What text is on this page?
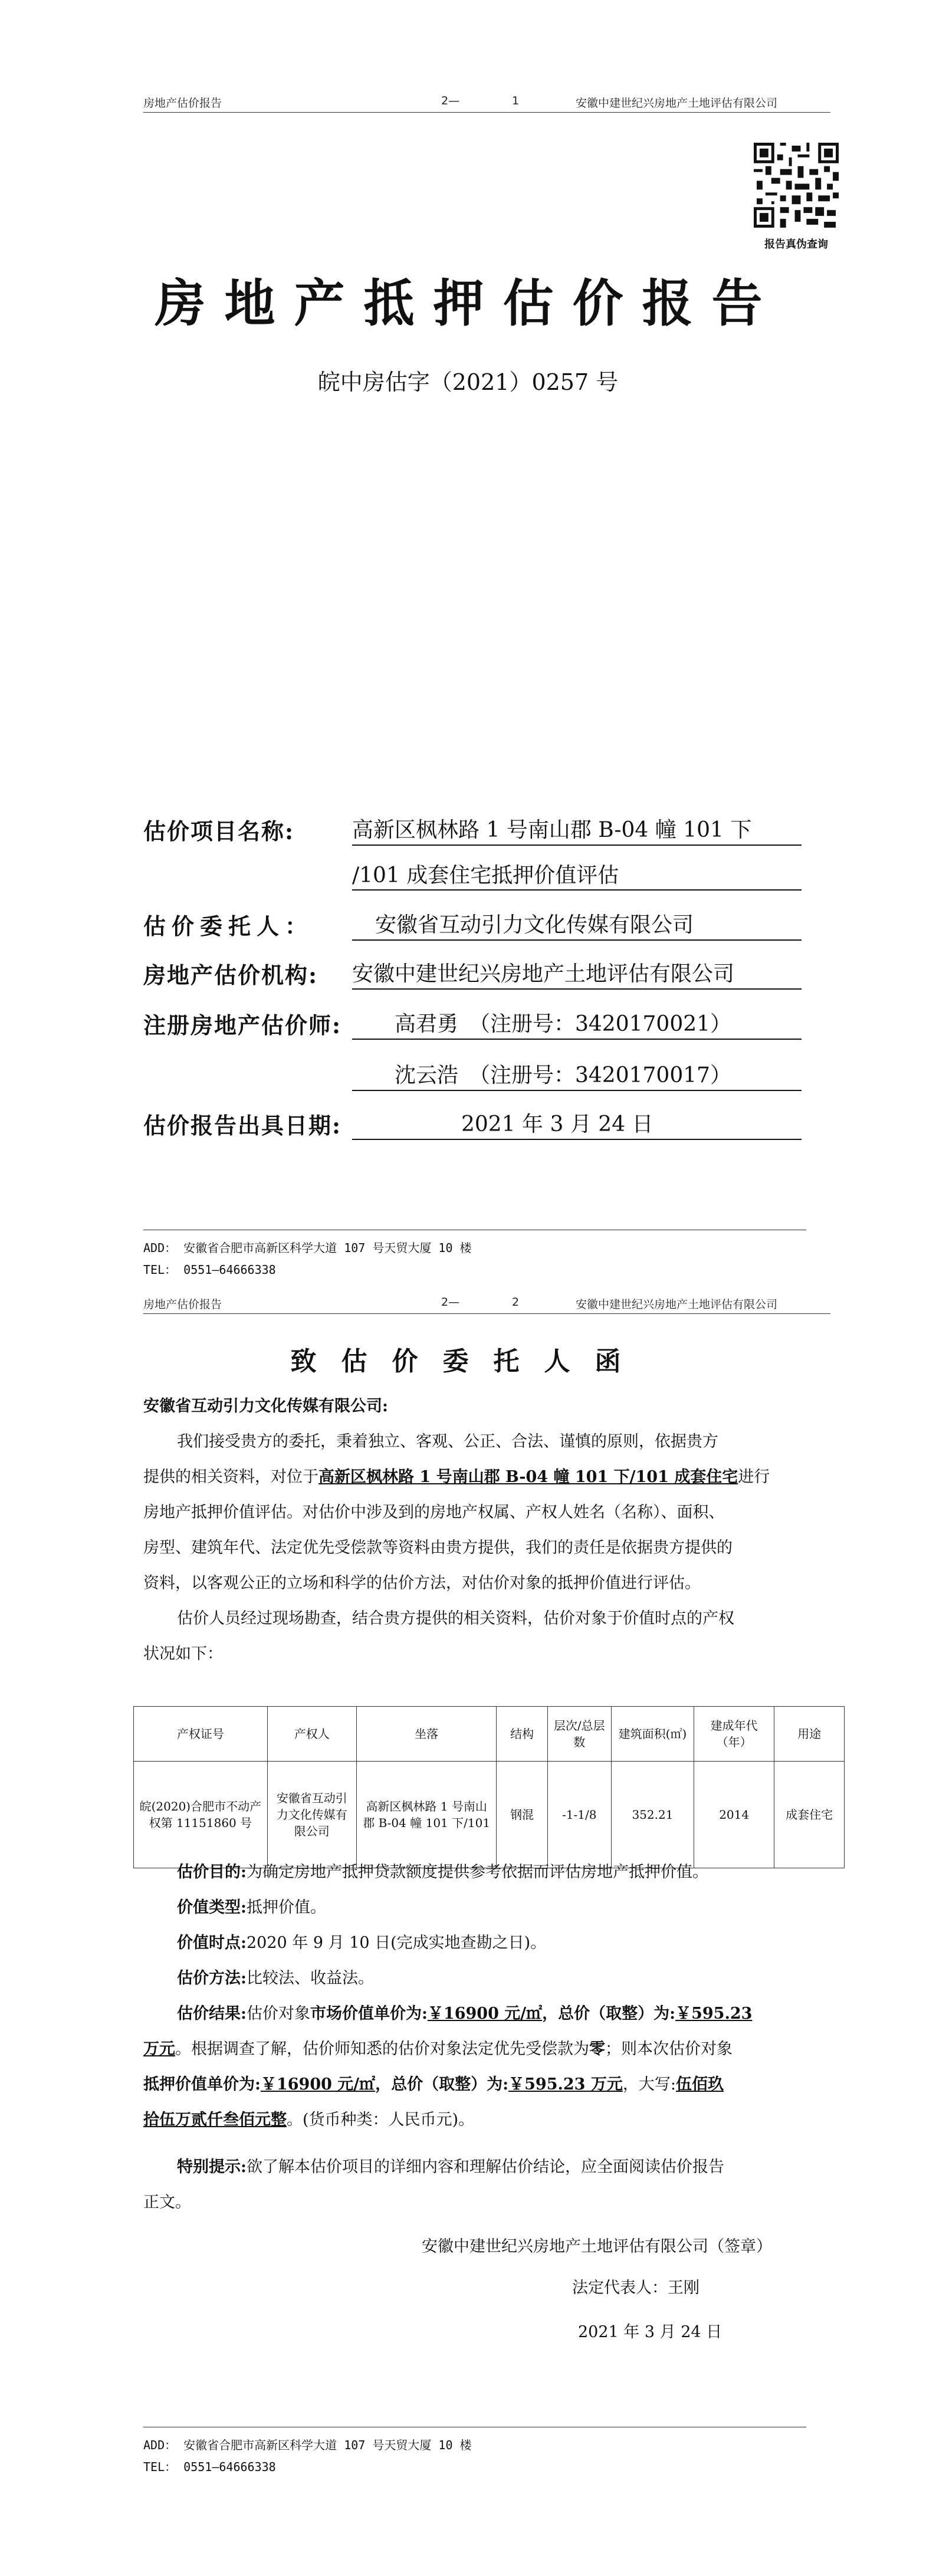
房地产估价报告	2—	1	安徽中建世纪兴房地产土地评估有限公司
报告真伪查询
房地产抵押估价报告
皖中房估字（2021）0257 号
估价项目名称:	高新区枫林路 1 号南山郡 B-04 幢 101 下
/101 成套住宅抵押价值评估
估价委托人：	安徽省互动引力文化传媒有限公司
房地产估价机构: 安徽中建世纪兴房地产土地评估有限公司
注册房地产估价师: 高君勇　（注册号：3420170021）
沈云浩　（注册号：3420170017）
估价报告出具日期:	2021 年 3 月 24 日
ADD： 安徽省合肥市高新区科学大道 107 号天贸大厦 10 楼
TEL： 0551—64666338
房地产估价报告	2—	2	安徽中建世纪兴房地产土地评估有限公司
致估价委托人函
安徽省互动引力文化传媒有限公司:
我们接受贵方的委托，秉着独立、客观、公正、合法、谨慎的原则，依据贵方
提供的相关资料，对位于高新区枫林路 1 号南山郡 B-04 幢 101 下/101 成套住宅进行
房地产抵押价值评估。对估价中涉及到的房地产权属、产权人姓名（名称）、面积、
房型、建筑年代、法定优先受偿款等资料由贵方提供，我们的责任是依据贵方提供的
资料，以客观公正的立场和科学的估价方法，对估价对象的抵押价值进行评估。
估价人员经过现场勘查，结合贵方提供的相关资料，估价对象于价值时点的产权
状况如下：
产权证号	产权人	坐落	结构	层次/总层数	建筑面积(㎡)	建成年代（年）	用途
皖(2020)合肥市不动产权第 11151860 号	安徽省互动引力文化传媒有限公司	高新区枫林路 1 号南山郡 B-04 幢 101 下/101	钢混	-1-1/8	352.21	2014	成套住宅
估价目的:为确定房地产抵押贷款额度提供参考依据而评估房地产抵押价值。
价值类型:抵押价值。
价值时点:2020 年 9 月 10 日(完成实地查勘之日)。
估价方法:比较法、收益法。
估价结果:估价对象市场价值单价为:￥16900 元/㎡，总价（取整）为:￥595.23
万元。根据调查了解，估价师知悉的估价对象法定优先受偿款为零；则本次估价对象
抵押价值单价为:￥16900 元/㎡，总价（取整）为:￥595.23 万元，大写:伍佰玖
拾伍万贰仟叁佰元整。(货币种类：人民币元)。
特别提示:欲了解本估价项目的详细内容和理解估价结论，应全面阅读估价报告
正文。
安徽中建世纪兴房地产土地评估有限公司（签章）
法定代表人：王刚
2021 年 3 月 24 日
ADD： 安徽省合肥市高新区科学大道 107 号天贸大厦 10 楼
TEL： 0551—64666338
